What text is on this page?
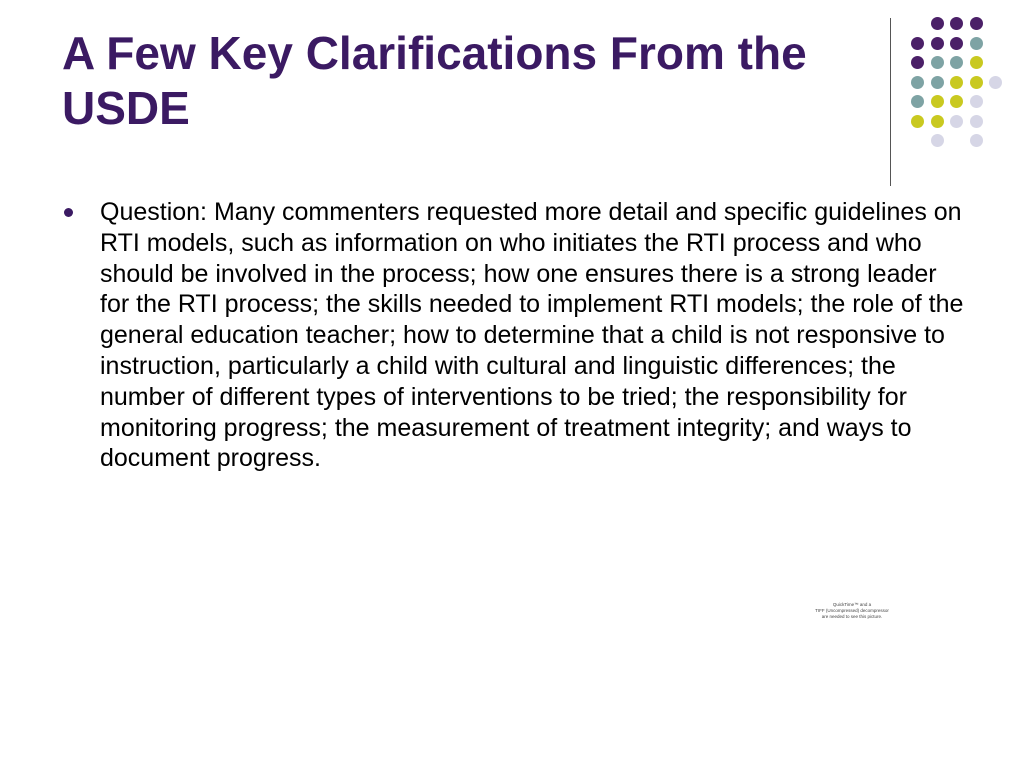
A Few Key Clarifications From the USDE
Question: Many commenters requested more detail and specific guidelines on RTI models, such as information on who initiates the RTI process and who should be involved in the process; how one ensures there is a strong leader for the RTI process; the skills needed to implement RTI models; the role of the general education teacher; how to determine that a child is not responsive to instruction, particularly a child with cultural and linguistic differences; the number of different types of interventions to be tried; the responsibility for monitoring progress; the measurement of treatment integrity; and ways to document progress.
QuickTime™ and a
TIFF (Uncompressed) decompressor
are needed to see this picture.
